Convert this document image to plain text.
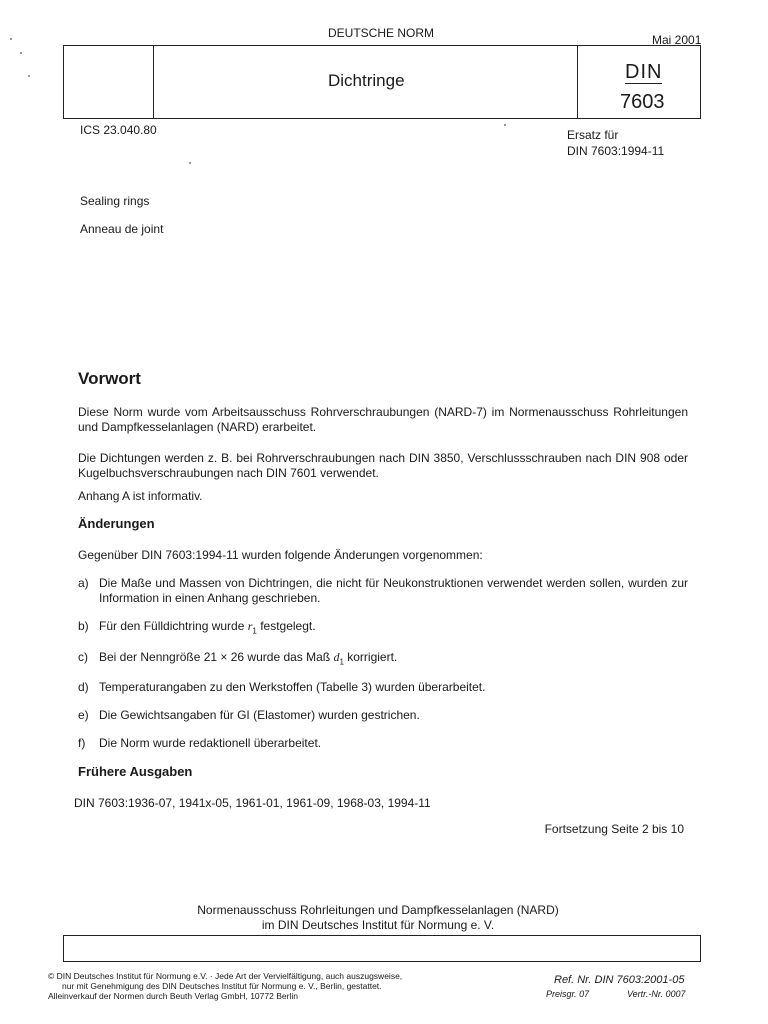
DEUTSCHE NORM	Mai 2001
Dichtringe	DIN
7603
ICS 23.040.80	Ersatz für
DIN 7603:1994-11
Sealing rings
Anneau de joint
Vorwort
Diese Norm wurde vom Arbeitsausschuss Rohrverschraubungen (NARD-7) im Normenausschuss Rohrleitungen und Dampfkesselanlagen (NARD) erarbeitet.
Die Dichtungen werden z. B. bei Rohrverschraubungen nach DIN 3850, Verschlussschrauben nach DIN 908 oder Kugelbuchsverschraubungen nach DIN 7601 verwendet.
Anhang A ist informativ.
Änderungen
Gegenüber DIN 7603:1994-11 wurden folgende Änderungen vorgenommen:
a) Die Maße und Massen von Dichtringen, die nicht für Neukonstruktionen verwendet werden sollen, wurden zur Information in einen Anhang geschrieben.
b) Für den Fülldichtring wurde $r_1$ festgelegt.
c) Bei der Nenngröße 21 × 26 wurde das Maß $d_1$ korrigiert.
d) Temperaturangaben zu den Werkstoffen (Tabelle 3) wurden überarbeitet.
e) Die Gewichtsangaben für GI (Elastomer) wurden gestrichen.
f) Die Norm wurde redaktionell überarbeitet.
Frühere Ausgaben
DIN 7603:1936-07, 1941x-05, 1961-01, 1961-09, 1968-03, 1994-11
Fortsetzung Seite 2 bis 10
Normenausschuss Rohrleitungen und Dampfkesselanlagen (NARD)
im DIN Deutsches Institut für Normung e. V.
© DIN Deutsches Institut für Normung e.V. · Jede Art der Vervielfältigung, auch auszugsweise,
nur mit Genehmigung des DIN Deutsches Institut für Normung e. V., Berlin, gestattet.
Alleinverkauf der Normen durch Beuth Verlag GmbH, 10772 Berlin
Ref. Nr. DIN 7603:2001-05
Preisgr. 07	Vertr.-Nr. 0007
